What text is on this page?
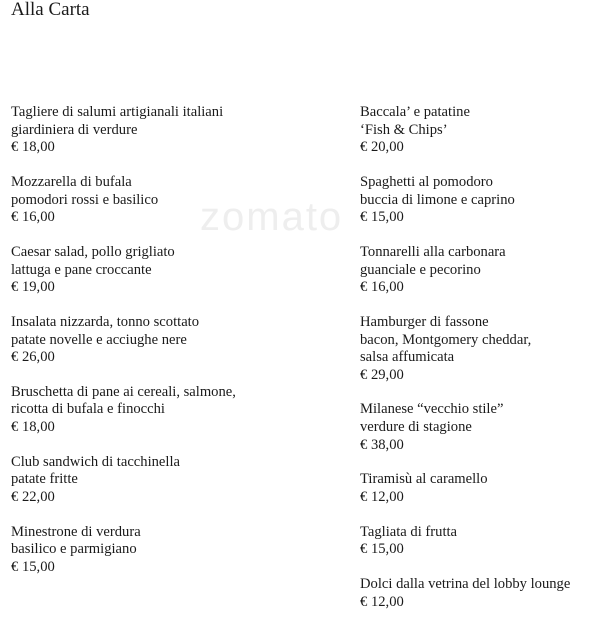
Alla Carta
zomato
Tagliere di salumi artigianali italiani
giardiniera di verdure
€ 18,00
Mozzarella di bufala
pomodori rossi e basilico
€ 16,00
Caesar salad, pollo grigliato
lattuga e pane croccante
€ 19,00
Insalata nizzarda, tonno scottato
patate novelle e acciughe nere
€ 26,00
Bruschetta di pane ai cereali, salmone,
ricotta di bufala e finocchi
€ 18,00
Club sandwich di tacchinella
patate fritte
€ 22,00
Minestrone di verdura
basilico e parmigiano
€ 15,00
Baccala’ e patatine
‘Fish & Chips’
€ 20,00
Spaghetti al pomodoro
buccia di limone e caprino
€ 15,00
Tonnarelli alla carbonara
guanciale e pecorino
€ 16,00
Hamburger di fassone
bacon, Montgomery cheddar,
salsa affumicata
€ 29,00
Milanese “vecchio stile”
verdure di stagione
€ 38,00
Tiramisù al caramello
€ 12,00
Tagliata di frutta
€ 15,00
Dolci dalla vetrina del lobby lounge
€ 12,00
